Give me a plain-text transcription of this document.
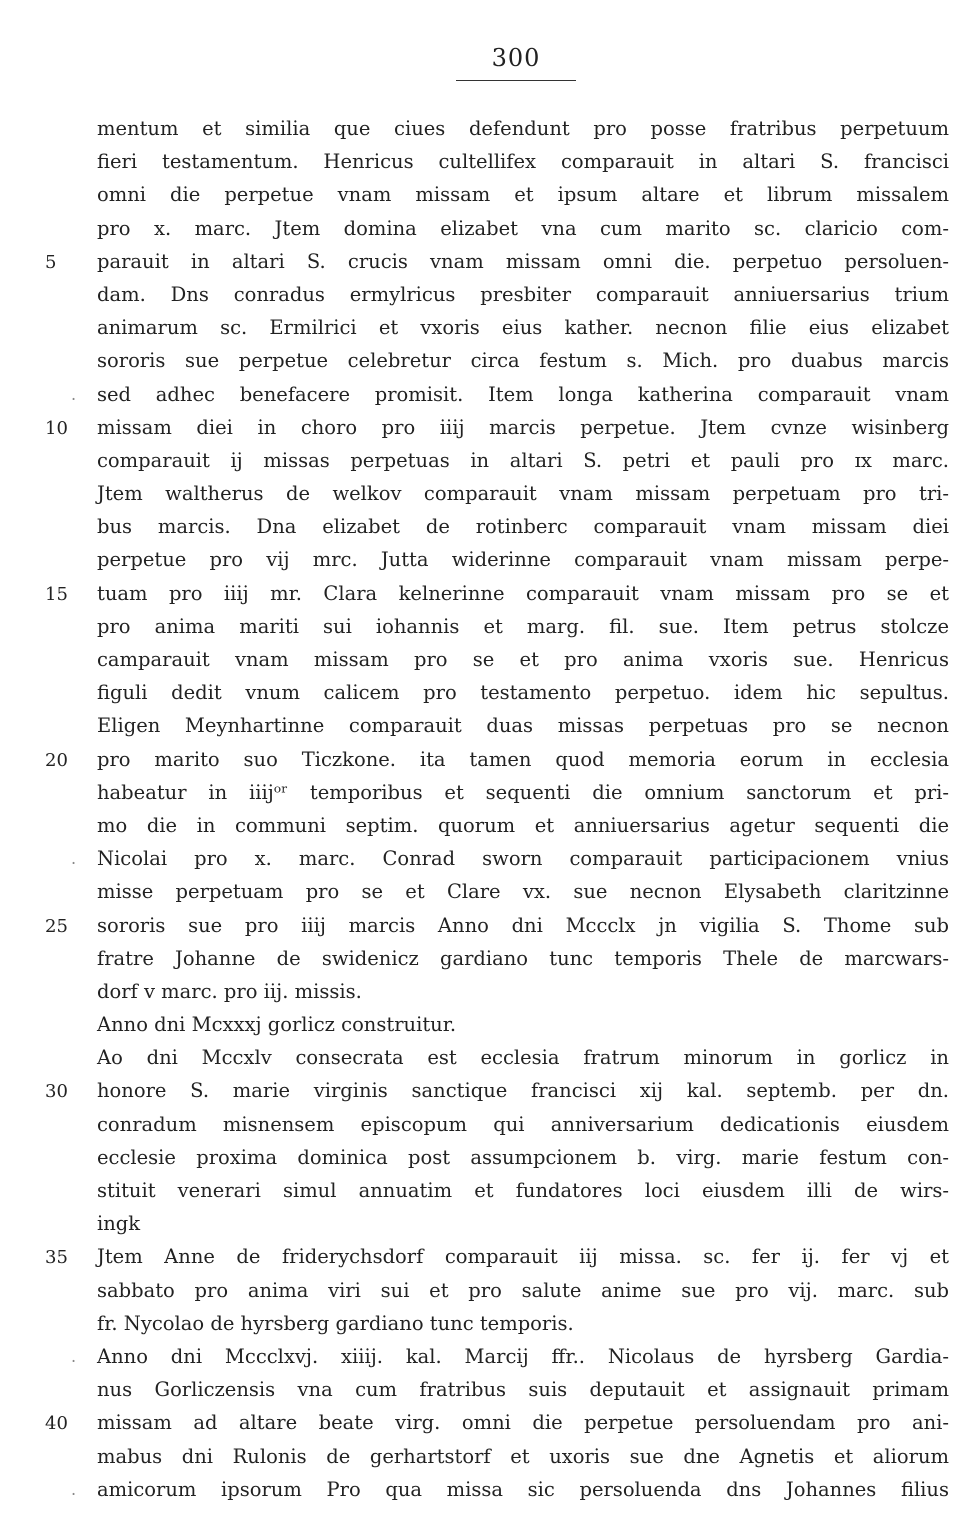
300
mentum et similia que ciues defendunt pro posse fratribus perpetuum
fieri testamentum. Henricus cultellifex comparauit in altari S. francisci
omni die perpetue vnam missam et ipsum altare et librum missalem
pro x. marc. Jtem domina elizabet vna cum marito sc. claricio com-
5	parauit in altari S. crucis vnam missam omni die. perpetuo persoluen-
dam. Dns conradus ermylricus presbiter comparauit anniuersarius trium
animarum sc. Ermilrici et vxoris eius kather. necnon filie eius elizabet
sororis sue perpetue celebretur circa festum s. Mich. pro duabus marcis
. sed adhec benefacere promisit. Item longa katherina comparauit vnam
10	missam diei in choro pro iiij marcis perpetue. Jtem cvnze wisinberg
comparauit ij missas perpetuas in altari S. petri et pauli pro ɪx marc.
Jtem waltherus de welkov comparauit vnam missam perpetuam pro tri-
bus marcis. Dna elizabet de rotinberc comparauit vnam missam diei
perpetue pro vij mrc. Jutta widerinne comparauit vnam missam perpe-
15	tuam pro iiij mr. Clara kelnerinne comparauit vnam missam pro se et
pro anima mariti sui iohannis et marg. fil. sue. Item petrus stolcze
camparauit vnam missam pro se et pro anima vxoris sue. Henricus
figuli dedit vnum calicem pro testamento perpetuo. idem hic sepultus.
Eligen Meynhartinne comparauit duas missas perpetuas pro se necnon
20	pro marito suo Ticzkone. ita tamen quod memoria eorum in ecclesia
habeatur in iiijᵒʳ temporibus et sequenti die omnium sanctorum et pri-
mo die in communi septim. quorum et anniuersarius agetur sequenti die
. Nicolai pro x. marc. Conrad sworn comparauit participacionem vnius
misse perpetuam pro se et Clare vx. sue necnon Elysabeth claritzinne
25	sororis sue pro iiij marcis Anno dni Mccclx jn vigilia S. Thome sub
fratre Johanne de swidenicz gardiano tunc temporis Thele de marcwars-
dorf v marc. pro iij. missis.
Anno dni Mcxxxj gorlicz construitur.
Ao dni Mccxlv consecrata est ecclesia fratrum minorum in gorlicz in
30	honore S. marie virginis sanctique francisci xij kal. septemb. per dn.
conradum misnensem episcopum qui anniversarium dedicationis eiusdem
ecclesie proxima dominica post assumpcionem b. virg. marie festum con-
stituit venerari simul annuatim et fundatores loci eiusdem illi de wirs-
ingk
35	Jtem Anne de friderychsdorf comparauit iij missa. sc. fer ij. fer vj et
sabbato pro anima viri sui et pro salute anime sue pro vij. marc. sub
fr. Nycolao de hyrsberg gardiano tunc temporis.
. Anno dni Mccclxvj. xiiij. kal. Marcij ffr.. Nicolaus de hyrsberg Gardia-
nus Gorliczensis vna cum fratribus suis deputauit et assignauit primam
40	missam ad altare beate virg. omni die perpetue persoluendam pro ani-
mabus dni Rulonis de gerhartstorf et uxoris sue dne Agnetis et aliorum
. amicorum ipsorum Pro qua missa sic persoluenda dns Johannes filius
